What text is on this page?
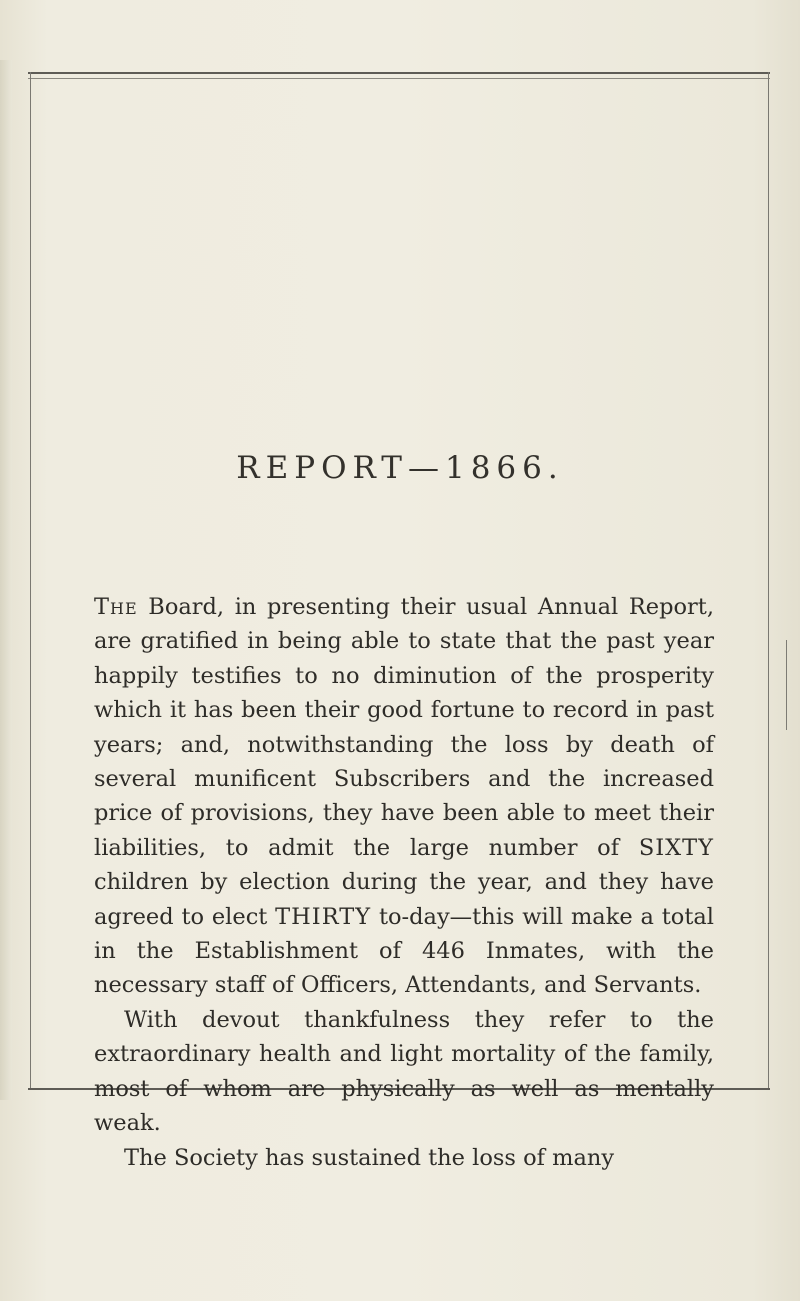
REPORT—1866.

The Board, in presenting their usual Annual Report, are gratified in being able to state that the past year happily testifies to no diminution of the prosperity which it has been their good fortune to record in past years; and, notwithstanding the loss by death of several munificent Subscribers and the increased price of provisions, they have been able to meet their liabilities, to admit the large number of SIXTY children by election during the year, and they have agreed to elect THIRTY to-day—this will make a total in the Establishment of 446 Inmates, with the necessary staff of Officers, Attendants, and Servants.

With devout thankfulness they refer to the extraordinary health and light mortality of the family, most of whom are physically as well as mentally weak.

The Society has sustained the loss of many
